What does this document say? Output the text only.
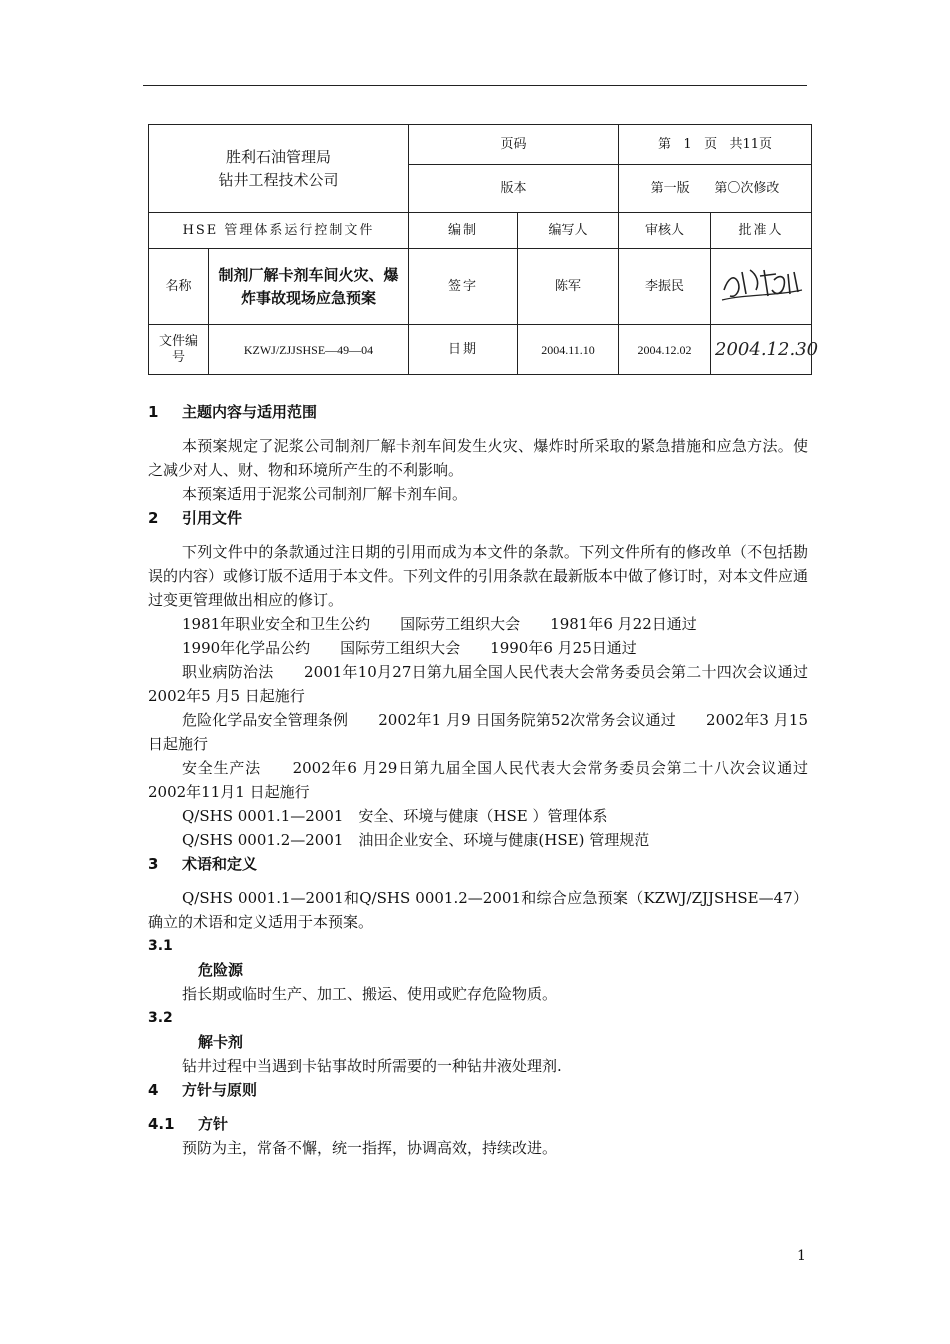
胜利石油管理局
钻井工程技术公司		页码		第   1   页   共11页	
		版本		第一版      第〇次修改	
HSE 管理体系运行控制文件		编制	编写人	审核人	批准人
名称	制剂厂解卡剂车间火灾、爆炸事故现场应急预案	签字	陈军	李振民	
文件编号	KZWJ/ZJJSHSE—49—04	日期	2004.11.10	2004.12.02	2004.12.30
1	主题内容与适用范围

本预案规定了泥浆公司制剂厂解卡剂车间发生火灾、爆炸时所采取的紧急措施和应急方法。使之减少对人、财、物和环境所产生的不利影响。

本预案适用于泥浆公司制剂厂解卡剂车间。

2	引用文件

下列文件中的条款通过注日期的引用而成为本文件的条款。下列文件所有的修改单（不包括勘误的内容）或修订版不适用于本文件。下列文件的引用条款在最新版本中做了修订时，对本文件应通过变更管理做出相应的修订。

1981年职业安全和卫生公约　　国际劳工组织大会　　1981年6 月22日通过

1990年化学品公约　　国际劳工组织大会　　1990年6 月25日通过

职业病防治法　　2001年10月27日第九届全国人民代表大会常务委员会第二十四次会议通过　　2002年5 月5 日起施行

危险化学品安全管理条例　　2002年1 月9 日国务院第52次常务会议通过　　2002年3 月15日起施行

安全生产法　　2002年6 月29日第九届全国人民代表大会常务委员会第二十八次会议通过　　2002年11月1 日起施行

Q/SHS 0001.1—2001　安全、环境与健康（HSE ）管理体系

Q/SHS 0001.2—2001　油田企业安全、环境与健康(HSE) 管理规范

3	术语和定义

Q/SHS 0001.1—2001和Q/SHS 0001.2—2001和综合应急预案（KZWJ/ZJJSHSE—47）确立的术语和定义适用于本预案。

3.1

危险源

指长期或临时生产、加工、搬运、使用或贮存危险物质。

3.2

解卡剂

钻井过程中当遇到卡钻事故时所需要的一种钻井液处理剂.

4	方针与原则
4.1	方针

预防为主，常备不懈，统一指挥，协调高效，持续改进。

1
